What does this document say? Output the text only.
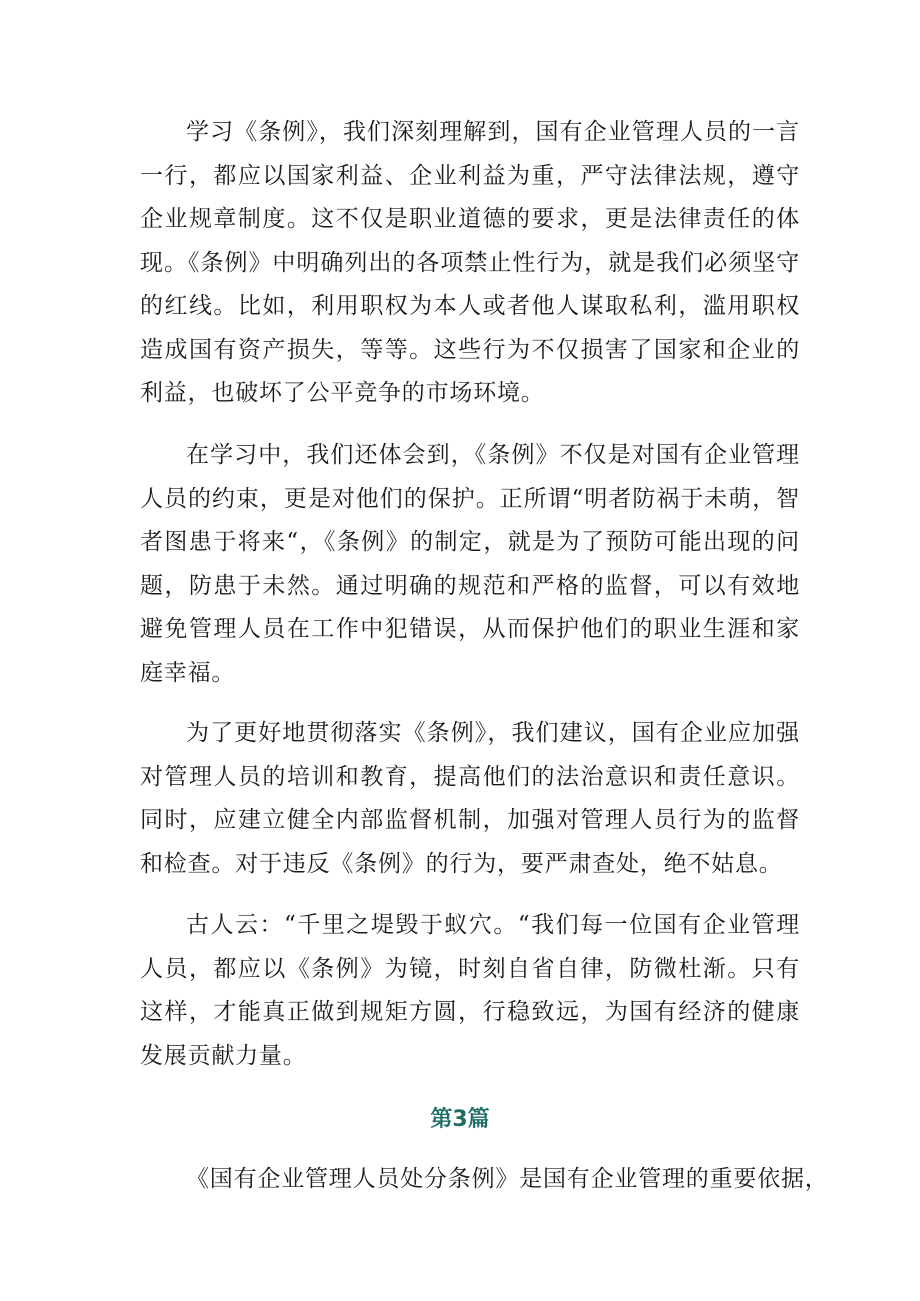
学习《条例》，我们深刻理解到，国有企业管理人员的一言一行，都应以国家利益、企业利益为重，严守法律法规，遵守企业规章制度。这不仅是职业道德的要求，更是法律责任的体现。《条例》中明确列出的各项禁止性行为，就是我们必须坚守的红线。比如，利用职权为本人或者他人谋取私利，滥用职权造成国有资产损失，等等。这些行为不仅损害了国家和企业的利益，也破坏了公平竞争的市场环境。

在学习中，我们还体会到，《条例》不仅是对国有企业管理人员的约束，更是对他们的保护。正所谓“明者防祸于未萌，智者图患于将来“，《条例》的制定，就是为了预防可能出现的问题，防患于未然。通过明确的规范和严格的监督，可以有效地避免管理人员在工作中犯错误，从而保护他们的职业生涯和家庭幸福。

为了更好地贯彻落实《条例》，我们建议，国有企业应加强对管理人员的培训和教育，提高他们的法治意识和责任意识。同时，应建立健全内部监督机制，加强对管理人员行为的监督和检查。对于违反《条例》的行为，要严肃查处，绝不姑息。

古人云：“千里之堤毁于蚁穴。“我们每一位国有企业管理人员，都应以《条例》为镜，时刻自省自律，防微杜渐。只有这样，才能真正做到规矩方圆，行稳致远，为国有经济的健康发展贡献力量。

第3篇

《国有企业管理人员处分条例》是国有企业管理的重要依据，
